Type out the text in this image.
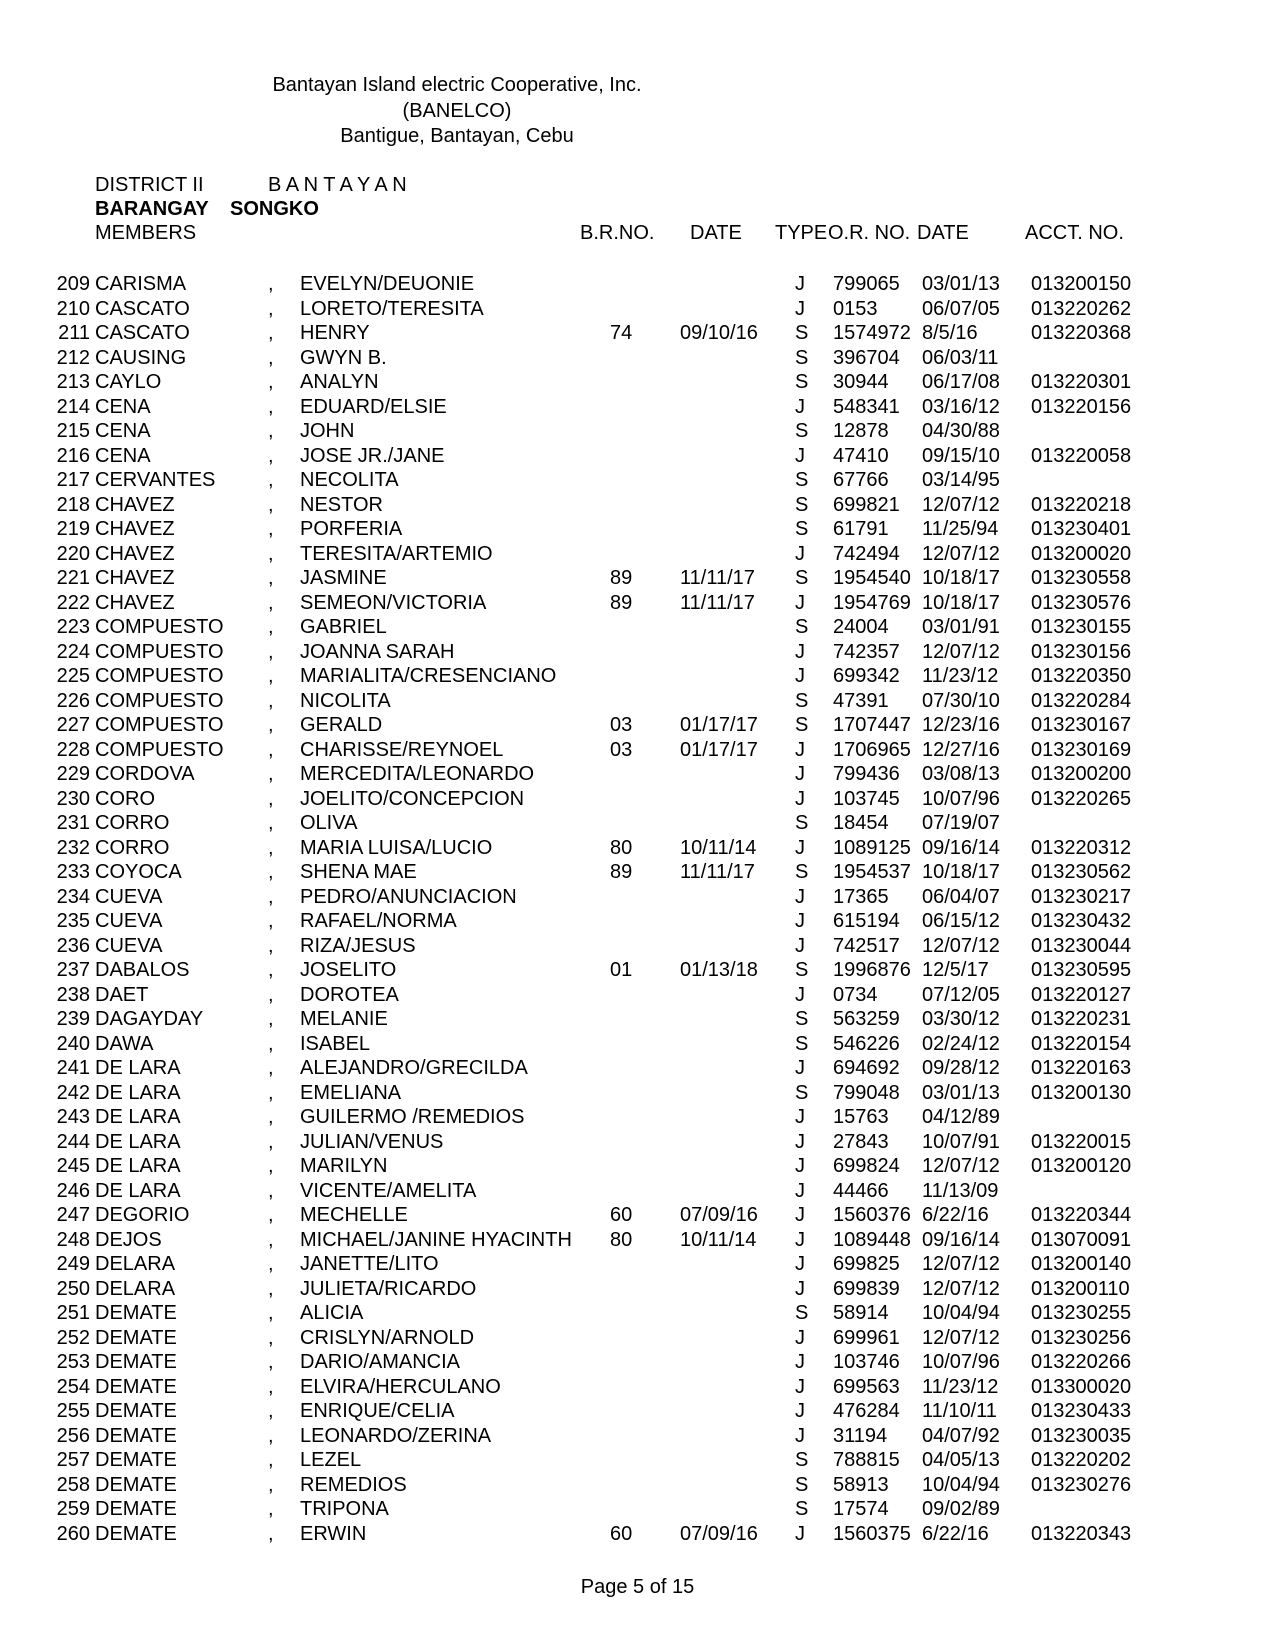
Bantayan Island electric Cooperative, Inc.
(BANELCO)
Bantigue, Bantayan, Cebu
DISTRICT II	B A N T A Y A N
BARANGAY SONGKO
MEMBERS	B.R.NO. DATE TYPE O.R. NO. DATE	ACCT. NO.
209 CARISMA	, EVELYN/DEUONIE	J 799065 03/01/13 013200150
210 CASCATO	, LORETO/TERESITA	J 0153 06/07/05 013220262
211 CASCATO	, HENRY	74 09/10/16 S 1574972 8/5/16	013220368
212 CAUSING	, GWYN B.	S 396704 06/03/11
213 CAYLO	, ANALYN	S 30944 06/17/08 013220301
214 CENA	, EDUARD/ELSIE	J 548341 03/16/12 013220156
215 CENA	, JOHN	S 12878 04/30/88
216 CENA	, JOSE JR./JANE	J 47410 09/15/10 013220058
217 CERVANTES	, NECOLITA	S 67766 03/14/95
218 CHAVEZ	, NESTOR	S 699821 12/07/12 013220218
219 CHAVEZ	, PORFERIA	S 61791 11/25/94 013230401
220 CHAVEZ	, TERESITA/ARTEMIO	J 742494 12/07/12 013200020
221 CHAVEZ	, JASMINE	89 11/11/17 S 1954540 10/18/17 013230558
222 CHAVEZ	, SEMEON/VICTORIA	89 11/11/17 J 1954769 10/18/17 013230576
223 COMPUESTO , GABRIEL	S 24004 03/01/91 013230155
224 COMPUESTO , JOANNA SARAH	J 742357 12/07/12 013230156
225 COMPUESTO , MARIALITA/CRESENCIANO	J 699342 11/23/12 013220350
226 COMPUESTO , NICOLITA	S 47391 07/30/10 013220284
227 COMPUESTO , GERALD	03 01/17/17 S 1707447 12/23/16 013230167
228 COMPUESTO , CHARISSE/REYNOEL	03 01/17/17 J 1706965 12/27/16 013230169
229 CORDOVA	, MERCEDITA/LEONARDO	J 799436 03/08/13 013200200
230 CORO	, JOELITO/CONCEPCION	J 103745 10/07/96 013220265
231 CORRO	, OLIVA	S 18454 07/19/07
232 CORRO	, MARIA LUISA/LUCIO	80 10/11/14 J 1089125 09/16/14 013220312
233 COYOCA	, SHENA MAE	89 11/11/17 S 1954537 10/18/17 013230562
234 CUEVA	, PEDRO/ANUNCIACION	J 17365 06/04/07 013230217
235 CUEVA	, RAFAEL/NORMA	J 615194 06/15/12 013230432
236 CUEVA	, RIZA/JESUS	J 742517 12/07/12 013230044
237 DABALOS	, JOSELITO	01 01/13/18 S 1996876 12/5/17 013230595
238 DAET	, DOROTEA	J 0734 07/12/05 013220127
239 DAGAYDAY	, MELANIE	S 563259 03/30/12 013220231
240 DAWA	, ISABEL	S 546226 02/24/12 013220154
241 DE LARA	, ALEJANDRO/GRECILDA	J 694692 09/28/12 013220163
242 DE LARA	, EMELIANA	S 799048 03/01/13 013200130
243 DE LARA	, GUILERMO /REMEDIOS	J 15763 04/12/89
244 DE LARA	, JULIAN/VENUS	J 27843 10/07/91 013220015
245 DE LARA	, MARILYN	J 699824 12/07/12 013200120
246 DE LARA	, VICENTE/AMELITA	J 44466 11/13/09
247 DEGORIO	, MECHELLE	60 07/09/16 J 1560376 6/22/16 013220344
248 DEJOS	, MICHAEL/JANINE HYACINTH 80 10/11/14 J 1089448 09/16/14 013070091
249 DELARA	, JANETTE/LITO	J 699825 12/07/12 013200140
250 DELARA	, JULIETA/RICARDO	J 699839 12/07/12 013200110
251 DEMATE	, ALICIA	S 58914 10/04/94 013230255
252 DEMATE	, CRISLYN/ARNOLD	J 699961 12/07/12 013230256
253 DEMATE	, DARIO/AMANCIA	J 103746 10/07/96 013220266
254 DEMATE	, ELVIRA/HERCULANO	J 699563 11/23/12 013300020
255 DEMATE	, ENRIQUE/CELIA	J 476284 11/10/11 013230433
256 DEMATE	, LEONARDO/ZERINA	J 31194 04/07/92 013230035
257 DEMATE	, LEZEL	S 788815 04/05/13 013220202
258 DEMATE	, REMEDIOS	S 58913 10/04/94 013230276
259 DEMATE	, TRIPONA	S 17574 09/02/89
260 DEMATE	, ERWIN	60 07/09/16 J 1560375 6/22/16 013220343
Page 5 of 15
